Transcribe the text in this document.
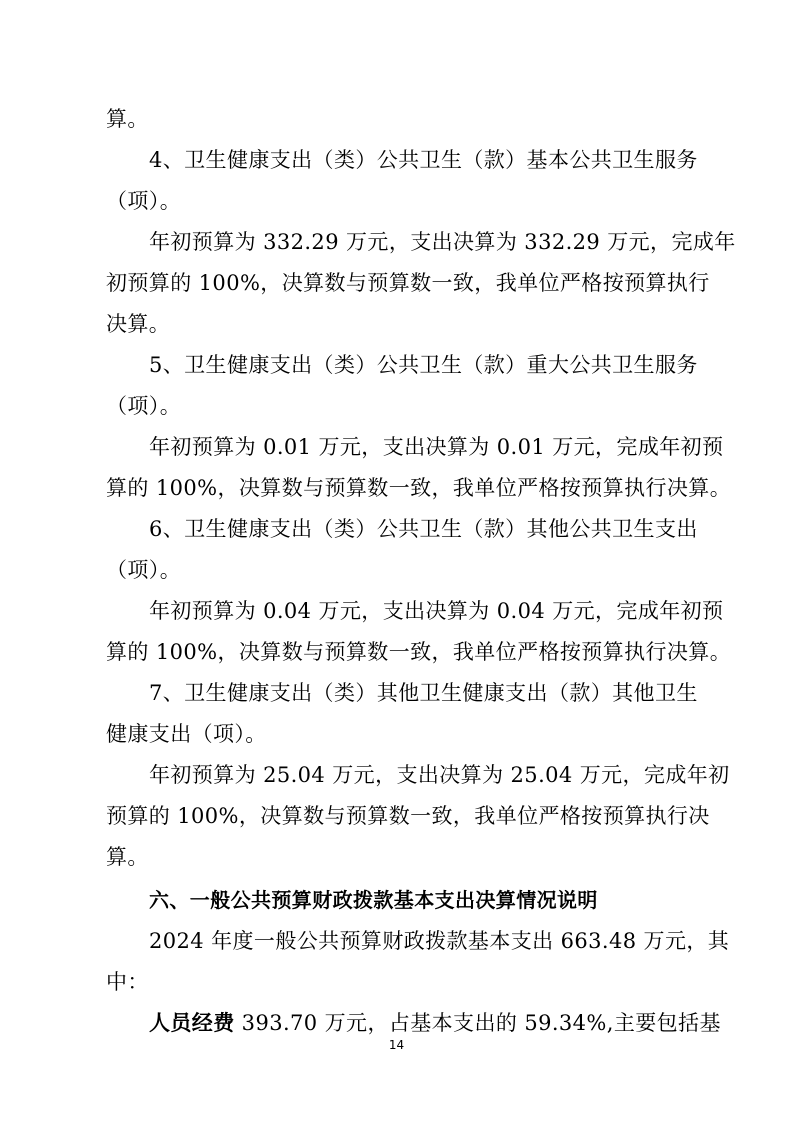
算。
4、卫生健康支出（类）公共卫生（款）基本公共卫生服务
（项）。
年初预算为 332.29 万元，支出决算为 332.29 万元，完成年
初预算的 100%，决算数与预算数一致，我单位严格按预算执行
决算。
5、卫生健康支出（类）公共卫生（款）重大公共卫生服务
（项）。
年初预算为 0.01 万元，支出决算为 0.01 万元，完成年初预
算的 100%，决算数与预算数一致，我单位严格按预算执行决算。
6、卫生健康支出（类）公共卫生（款）其他公共卫生支出
（项）。
年初预算为 0.04 万元，支出决算为 0.04 万元，完成年初预
算的 100%，决算数与预算数一致，我单位严格按预算执行决算。
7、卫生健康支出（类）其他卫生健康支出（款）其他卫生
健康支出（项）。
年初预算为 25.04 万元，支出决算为 25.04 万元，完成年初
预算的 100%，决算数与预算数一致，我单位严格按预算执行决
算。
六、一般公共预算财政拨款基本支出决算情况说明
2024 年度一般公共预算财政拨款基本支出 663.48 万元，其
中：
人员经费 393.70 万元，占基本支出的 59.34%,主要包括基
14
